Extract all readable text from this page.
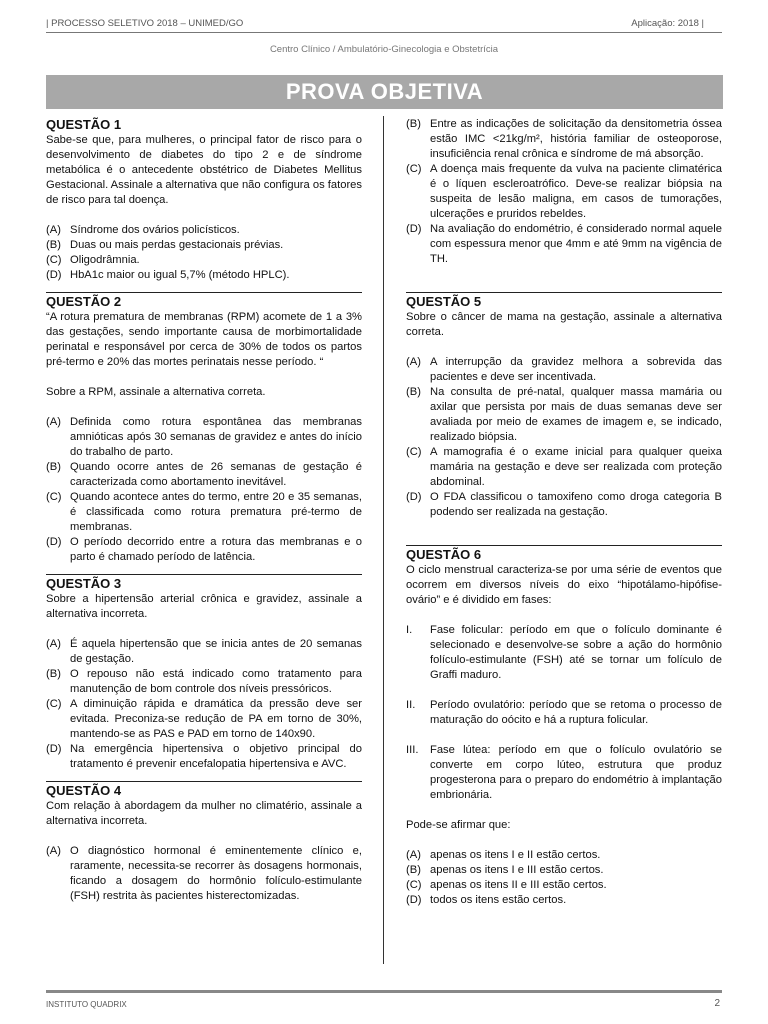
| PROCESSO SELETIVO 2018 – UNIMED/GO	Aplicação: 2018 |
Centro Clínico / Ambulatório-Ginecologia e Obstetrícia
PROVA OBJETIVA
QUESTÃO 1
Sabe-se que, para mulheres, o principal fator de risco para o desenvolvimento de diabetes do tipo 2 e de síndrome metabólica é o antecedente obstétrico de Diabetes Mellitus Gestacional. Assinale a alternativa que não configura os fatores de risco para tal doença.
(A) Síndrome dos ovários policísticos.
(B) Duas ou mais perdas gestacionais prévias.
(C) Oligodrâmnia.
(D) HbA1c maior ou igual 5,7% (método HPLC).
QUESTÃO 2
“A rotura prematura de membranas (RPM) acomete de 1 a 3% das gestações, sendo importante causa de morbimortalidade perinatal e responsável por cerca de 30% de todos os partos pré-termo e 20% das mortes perinatais nesse período. “
Sobre a RPM, assinale a alternativa correta.
(A) Definida como rotura espontânea das membranas amnióticas após 30 semanas de gravidez e antes do início do trabalho de parto.
(B) Quando ocorre antes de 26 semanas de gestação é caracterizada como abortamento inevitável.
(C) Quando acontece antes do termo, entre 20 e 35 semanas, é classificada como rotura prematura pré-termo de membranas.
(D) O período decorrido entre a rotura das membranas e o parto é chamado período de latência.
QUESTÃO 3
Sobre a hipertensão arterial crônica e gravidez, assinale a alternativa incorreta.
(A) É aquela hipertensão que se inicia antes de 20 semanas de gestação.
(B) O repouso não está indicado como tratamento para manutenção de bom controle dos níveis pressóricos.
(C) A diminuição rápida e dramática da pressão deve ser evitada. Preconiza-se redução de PA em torno de 30%, mantendo-se as PAS e PAD em torno de 140x90.
(D) Na emergência hipertensiva o objetivo principal do tratamento é prevenir encefalopatia hipertensiva e AVC.
QUESTÃO 4
Com relação à abordagem da mulher no climatério, assinale a alternativa incorreta.
(A) O diagnóstico hormonal é eminentemente clínico e, raramente, necessita-se recorrer às dosagens hormonais, ficando a dosagem do hormônio folículo-estimulante (FSH) restrita às pacientes histerectomizadas.
(B) Entre as indicações de solicitação da densitometria óssea estão IMC <21kg/m², história familiar de osteoporose, insuficiência renal crônica e síndrome de má absorção.
(C) A doença mais frequente da vulva na paciente climatérica é o líquen escleroatrófico. Deve-se realizar biópsia na suspeita de lesão maligna, em casos de tumorações, ulcerações e pruridos rebeldes.
(D) Na avaliação do endométrio, é considerado normal aquele com espessura menor que 4mm e até 9mm na vigência de TH.
QUESTÃO 5
Sobre o câncer de mama na gestação, assinale a alternativa correta.
(A) A interrupção da gravidez melhora a sobrevida das pacientes e deve ser incentivada.
(B) Na consulta de pré-natal, qualquer massa mamária ou axilar que persista por mais de duas semanas deve ser avaliada por meio de exames de imagem e, se indicado, realizado biópsia.
(C) A mamografia é o exame inicial para qualquer queixa mamária na gestação e deve ser realizada com proteção abdominal.
(D) O FDA classificou o tamoxifeno como droga categoria B podendo ser realizada na gestação.
QUESTÃO 6
O ciclo menstrual caracteriza-se por uma série de eventos que ocorrem em diversos níveis do eixo “hipotálamo-hipófise-ovário” e é dividido em fases:
I.	Fase folicular: período em que o folículo dominante é selecionado e desenvolve-se sobre a ação do hormônio folículo-estimulante (FSH) até se tornar um folículo de Graffi maduro.
II.	Período ovulatório: período que se retoma o processo de maturação do oócito e há a ruptura folicular.
III.	Fase lútea: período em que o folículo ovulatório se converte em corpo lúteo, estrutura que produz progesterona para o preparo do endométrio à implantação embrionária.
Pode-se afirmar que:
(A) apenas os itens I e II estão certos.
(B) apenas os itens I e III estão certos.
(C) apenas os itens II e III estão certos.
(D) todos os itens estão certos.
INSTITUTO QUADRIX	2
